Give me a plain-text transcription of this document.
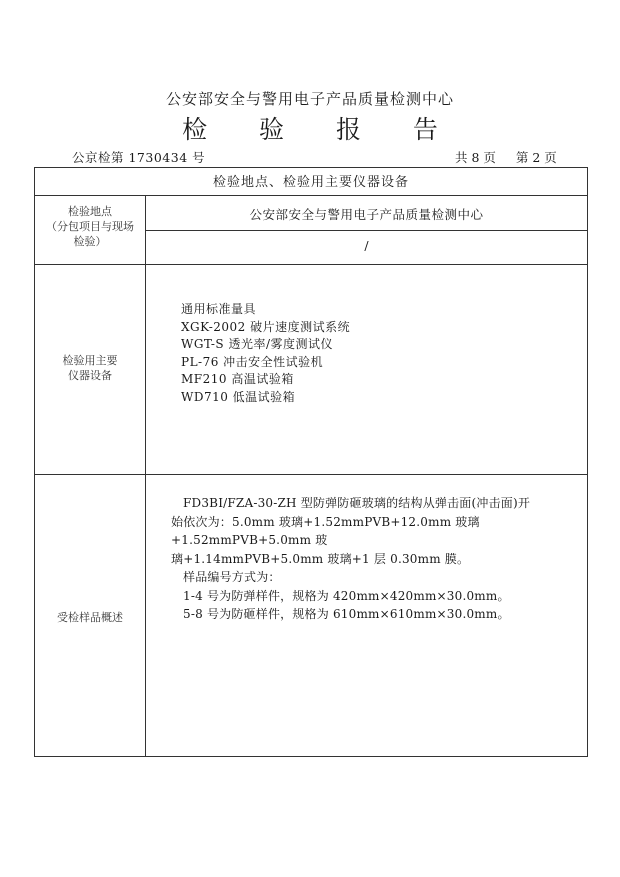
公安部安全与警用电子产品质量检测中心
检 验 报 告
公京检第 1730434 号	共 8 页 第 2 页
检验地点、检验用主要仪器设备
检验地点
（分包项目与现场
检验）
公安部安全与警用电子产品质量检测中心
/
检验用主要
仪器设备
通用标准量具
XGK-2002 破片速度测试系统
WGT-S 透光率/雾度测试仪
PL-76 冲击安全性试验机
MF210 高温试验箱
WD710 低温试验箱
受检样品概述
FD3BI/FZA-30-ZH 型防弹防砸玻璃的结构从弹击面(冲击面)开
始依次为：5.0mm 玻璃+1.52mmPVB+12.0mm 玻璃+1.52mmPVB+5.0mm 玻
璃+1.14mmPVB+5.0mm 玻璃+1 层 0.30mm 膜。
样品编号方式为：
1-4 号为防弹样件，规格为 420mm×420mm×30.0mm。
5-8 号为防砸样件，规格为 610mm×610mm×30.0mm。
